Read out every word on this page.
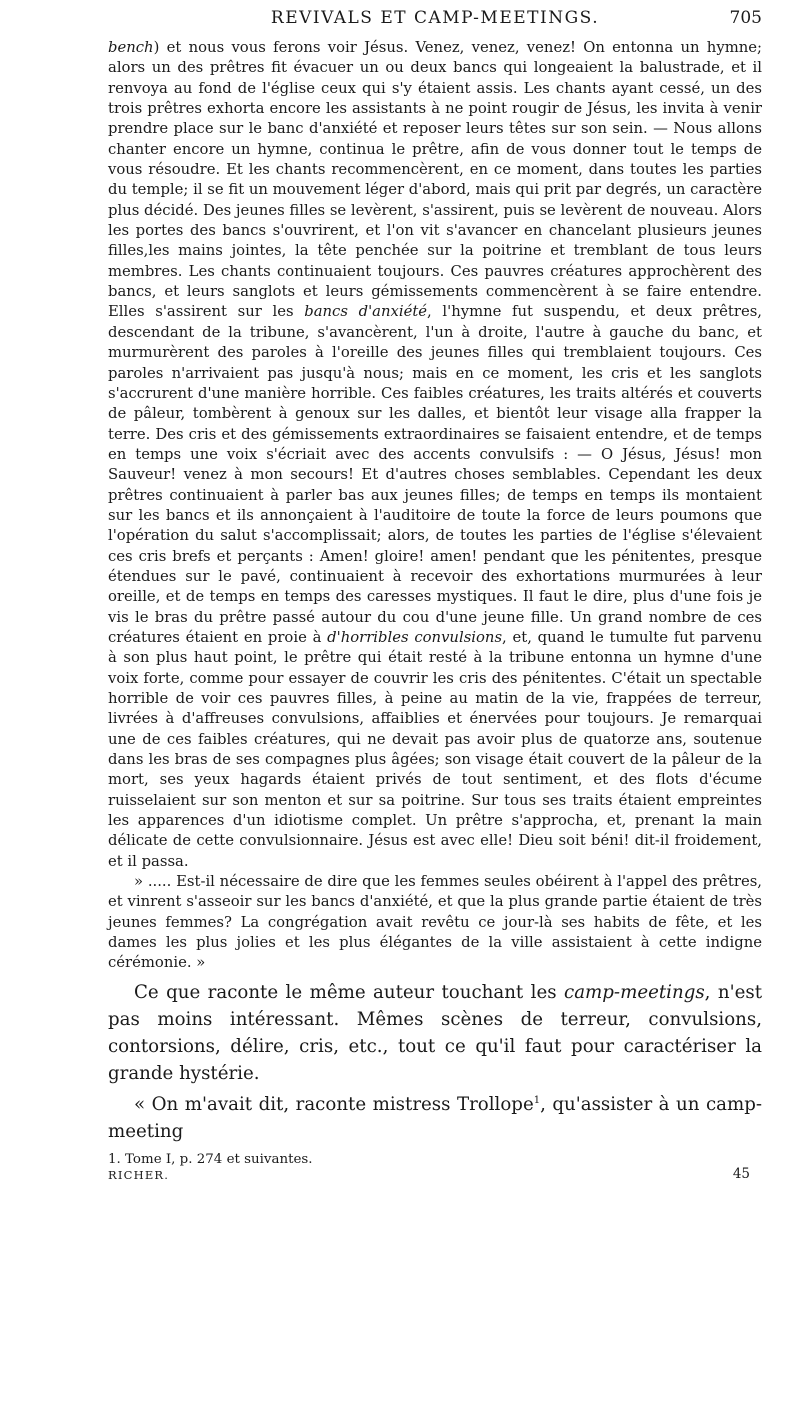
REVIVALS ET CAMP-MEETINGS.	705

bench) et nous vous ferons voir Jésus. Venez, venez, venez! On entonna un hymne; alors un des prêtres fit évacuer un ou deux bancs qui longeaient la balustrade, et il renvoya au fond de l'église ceux qui s'y étaient assis. Les chants ayant cessé, un des trois prêtres exhorta encore les assistants à ne point rougir de Jésus, les invita à venir prendre place sur le banc d'anxiété et reposer leurs têtes sur son sein. — Nous allons chanter encore un hymne, continua le prêtre, afin de vous donner tout le temps de vous résoudre. Et les chants recommencèrent, en ce moment, dans toutes les parties du temple; il se fit un mouvement léger d'abord, mais qui prit par degrés, un caractère plus décidé. Des jeunes filles se levèrent, s'assirent, puis se levèrent de nouveau. Alors les portes des bancs s'ouvrirent, et l'on vit s'avancer en chancelant plusieurs jeunes filles,les mains jointes, la tête penchée sur la poitrine et tremblant de tous leurs membres. Les chants continuaient toujours. Ces pauvres créatures approchèrent des bancs, et leurs sanglots et leurs gémissements commencèrent à se faire entendre. Elles s'assirent sur les bancs d'anxiété, l'hymne fut suspendu, et deux prêtres, descendant de la tribune, s'avancèrent, l'un à droite, l'autre à gauche du banc, et murmurèrent des paroles à l'oreille des jeunes filles qui tremblaient toujours. Ces paroles n'arrivaient pas jusqu'à nous; mais en ce moment, les cris et les sanglots s'accrurent d'une manière horrible. Ces faibles créatures, les traits altérés et couverts de pâleur, tombèrent à genoux sur les dalles, et bientôt leur visage alla frapper la terre. Des cris et des gémissements extraordinaires se faisaient entendre, et de temps en temps une voix s'écriait avec des accents convulsifs : — O Jésus, Jésus! mon Sauveur! venez à mon secours! Et d'autres choses semblables. Cependant les deux prêtres continuaient à parler bas aux jeunes filles; de temps en temps ils montaient sur les bancs et ils annonçaient à l'auditoire de toute la force de leurs poumons que l'opération du salut s'accomplissait; alors, de toutes les parties de l'église s'élevaient ces cris brefs et perçants : Amen! gloire! amen! pendant que les pénitentes, presque étendues sur le pavé, continuaient à recevoir des exhortations murmurées à leur oreille, et de temps en temps des caresses mystiques. Il faut le dire, plus d'une fois je vis le bras du prêtre passé autour du cou d'une jeune fille. Un grand nombre de ces créatures étaient en proie à d'horribles convulsions, et, quand le tumulte fut parvenu à son plus haut point, le prêtre qui était resté à la tribune entonna un hymne d'une voix forte, comme pour essayer de couvrir les cris des pénitentes. C'était un spectable horrible de voir ces pauvres filles, à peine au matin de la vie, frappées de terreur, livrées à d'affreuses convulsions, affaiblies et énervées pour toujours. Je remarquai une de ces faibles créatures, qui ne devait pas avoir plus de quatorze ans, soutenue dans les bras de ses compagnes plus âgées; son visage était couvert de la pâleur de la mort, ses yeux hagards étaient privés de tout sentiment, et des flots d'écume ruisselaient sur son menton et sur sa poitrine. Sur tous ses traits étaient empreintes les apparences d'un idiotisme complet. Un prêtre s'approcha, et, prenant la main délicate de cette convulsionnaire. Jésus est avec elle! Dieu soit béni! dit-il froidement, et il passa.

» ..... Est-il nécessaire de dire que les femmes seules obéirent à l'appel des prêtres, et vinrent s'asseoir sur les bancs d'anxiété, et que la plus grande partie étaient de très jeunes femmes? La congrégation avait revêtu ce jour-là ses habits de fête, et les dames les plus jolies et les plus élégantes de la ville assistaient à cette indigne cérémonie. »

Ce que raconte le même auteur touchant les camp-meetings, n'est pas moins intéressant. Mêmes scènes de terreur, convulsions, contorsions, délire, cris, etc., tout ce qu'il faut pour caractériser la grande hystérie.

« On m'avait dit, raconte mistress Trollope$^1$, qu'assister à un camp-meeting

1. Tome I, p. 274 et suivantes.
RICHER.	45
